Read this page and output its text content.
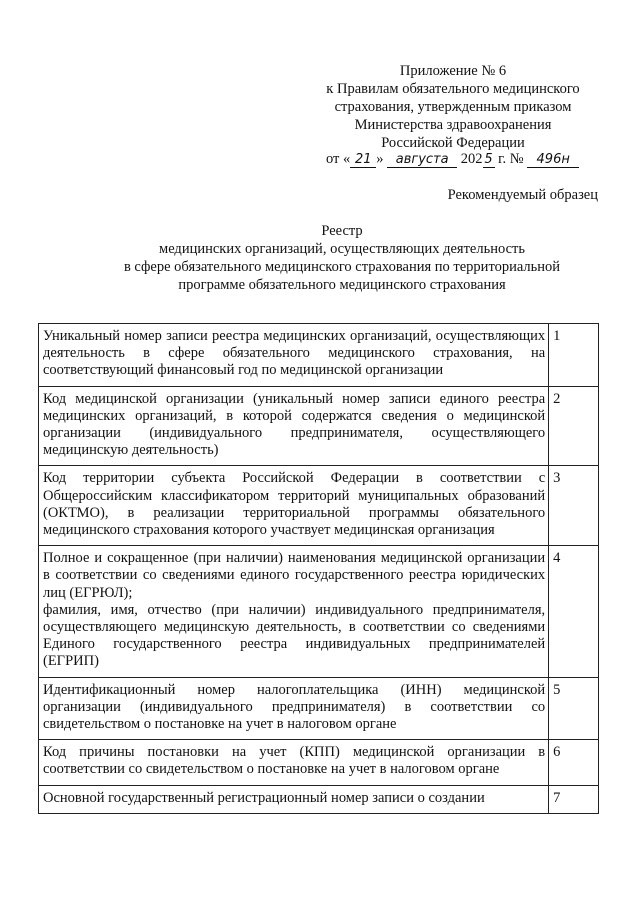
Приложение № 6
к Правилам обязательного медицинского
страхования, утвержденным приказом
Министерства здравоохранения
Российской Федерации
от « 21 » августа 202 5 г. № 496н
Рекомендуемый образец
Реестр
медицинских организаций, осуществляющих деятельность
в сфере обязательного медицинского страхования по территориальной
программе обязательного медицинского страхования
Уникальный номер записи реестра медицинских организаций, осуществляющих деятельность в сфере обязательного медицинского страхования, на соответствующий финансовый год по медицинской организации	1
Код медицинской организации (уникальный номер записи единого реестра медицинских организаций, в которой содержатся сведения о медицинской организации (индивидуального предпринимателя, осуществляющего медицинскую деятельность)	2
Код территории субъекта Российской Федерации в соответствии с Общероссийским классификатором территорий муниципальных образований (ОКТМО), в реализации территориальной программы обязательного медицинского страхования которого участвует медицинская организация	3

Полное и сокращенное (при наличии) наименования медицинской организации в соответствии со сведениями единого государственного реестра юридических лиц (ЕГРЮЛ);
фамилия, имя, отчество (при наличии) индивидуального предпринимателя, осуществляющего медицинскую деятельность, в соответствии со сведениями Единого государственного реестра индивидуальных предпринимателей (ЕГРИП)	4
Идентификационный номер налогоплательщика (ИНН) медицинской организации (индивидуального предпринимателя) в соответствии со свидетельством о постановке на учет в налоговом органе	5
Код причины постановки на учет (КПП) медицинской организации в соответствии со свидетельством о постановке на учет в налоговом органе	6
Основной государственный регистрационный номер записи о создании	7
